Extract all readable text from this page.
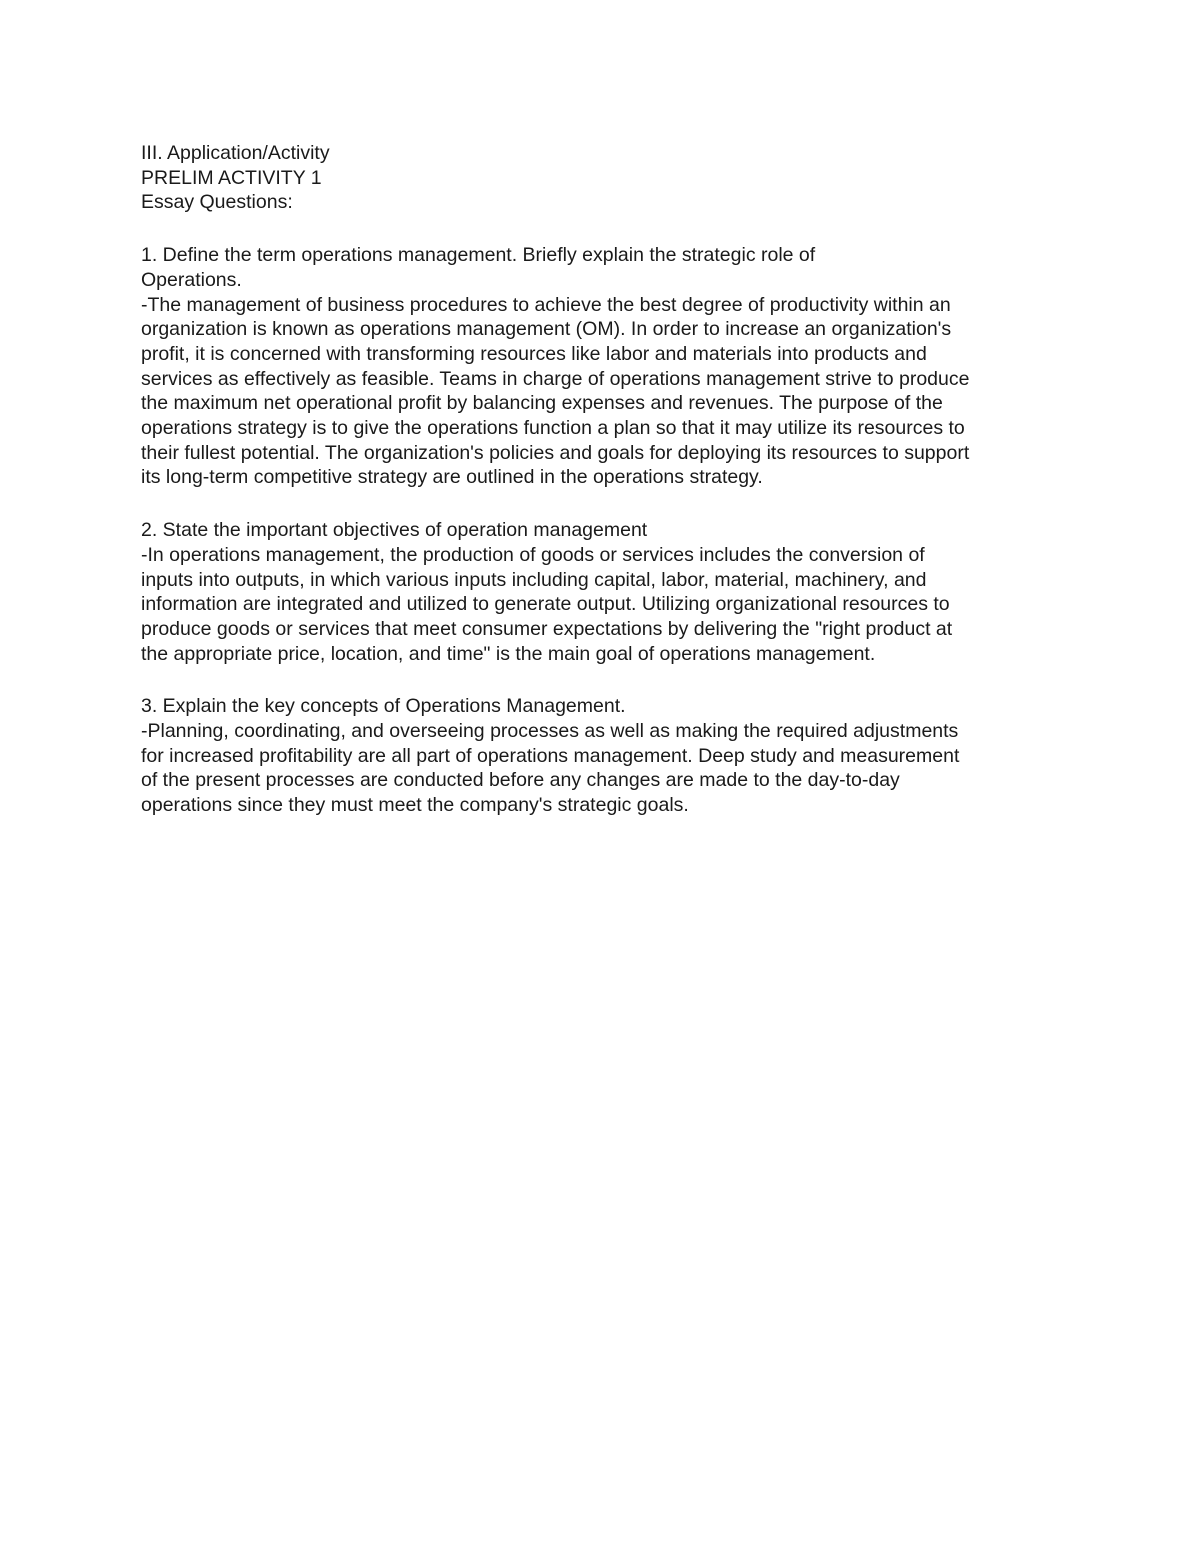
III. Application/Activity
PRELIM ACTIVITY 1
Essay Questions:
1. Define the term operations management. Briefly explain the strategic role of
Operations.
-The management of business procedures to achieve the best degree of productivity within an
organization is known as operations management (OM). In order to increase an organization's
profit, it is concerned with transforming resources like labor and materials into products and
services as effectively as feasible. Teams in charge of operations management strive to produce
the maximum net operational profit by balancing expenses and revenues. The purpose of the
operations strategy is to give the operations function a plan so that it may utilize its resources to
their fullest potential. The organization's policies and goals for deploying its resources to support
its long-term competitive strategy are outlined in the operations strategy.
2. State the important objectives of operation management
-In operations management, the production of goods or services includes the conversion of
inputs into outputs, in which various inputs including capital, labor, material, machinery, and
information are integrated and utilized to generate output. Utilizing organizational resources to
produce goods or services that meet consumer expectations by delivering the "right product at
the appropriate price, location, and time" is the main goal of operations management.
3. Explain the key concepts of Operations Management.
-Planning, coordinating, and overseeing processes as well as making the required adjustments
for increased profitability are all part of operations management. Deep study and measurement
of the present processes are conducted before any changes are made to the day-to-day
operations since they must meet the company's strategic goals.
